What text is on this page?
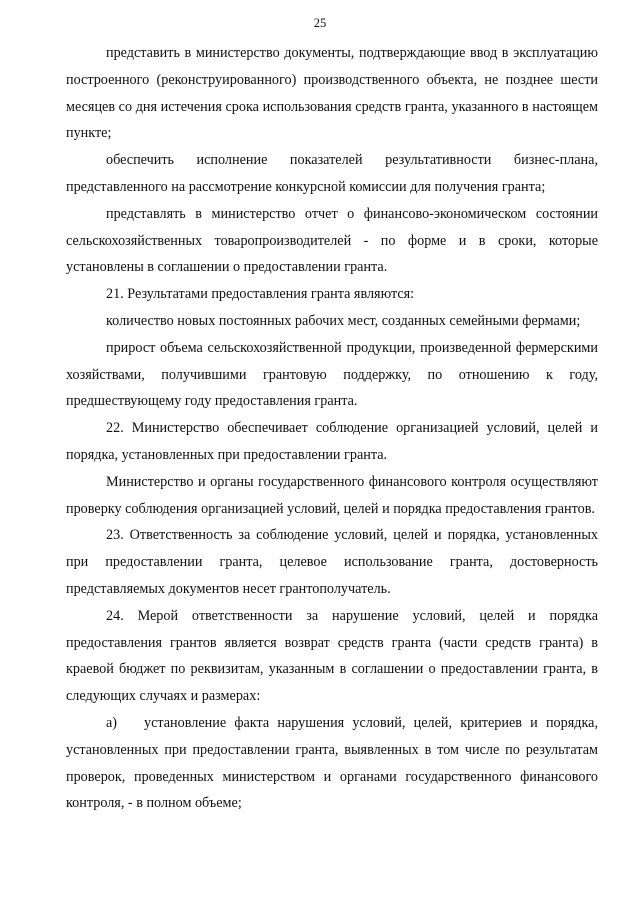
25

представить в министерство документы, подтверждающие ввод в эксплуатацию построенного (реконструированного) производственного объекта, не позднее шести месяцев со дня истечения срока использования средств гранта, указанного в настоящем пункте;

обеспечить исполнение показателей результативности бизнес-плана, представленного на рассмотрение конкурсной комиссии для получения гранта;

представлять в министерство отчет о финансово-экономическом состоянии сельскохозяйственных товаропроизводителей - по форме и в сроки, которые установлены в соглашении о предоставлении гранта.

21. Результатами предоставления гранта являются:

количество новых постоянных рабочих мест, созданных семейными фермами;

прирост объема сельскохозяйственной продукции, произведенной фермерскими хозяйствами, получившими грантовую поддержку, по отношению к году, предшествующему году предоставления гранта.

22. Министерство обеспечивает соблюдение организацией условий, целей и порядка, установленных при предоставлении гранта.

Министерство и органы государственного финансового контроля осуществляют проверку соблюдения организацией условий, целей и порядка предоставления грантов.

23. Ответственность за соблюдение условий, целей и порядка, установленных при предоставлении гранта, целевое использование гранта, достоверность представляемых документов несет грантополучатель.

24. Мерой ответственности за нарушение условий, целей и порядка предоставления грантов является возврат средств гранта (части средств гранта) в краевой бюджет по реквизитам, указанным в соглашении о предоставлении гранта, в следующих случаях и размерах:

а) установление факта нарушения условий, целей, критериев и порядка, установленных при предоставлении гранта, выявленных в том числе по результатам проверок, проведенных министерством и органами государственного финансового контроля, - в полном объеме;
